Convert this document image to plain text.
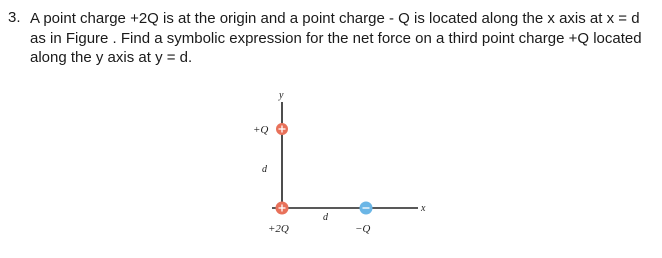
3. A point charge +2Q is at the origin and a point charge - Q is located along the x axis at x = d as in Figure . Find a symbolic expression for the net force on a third point charge +Q located along the y axis at y = d.
y
x
+Q
d
+2Q
d
−Q
